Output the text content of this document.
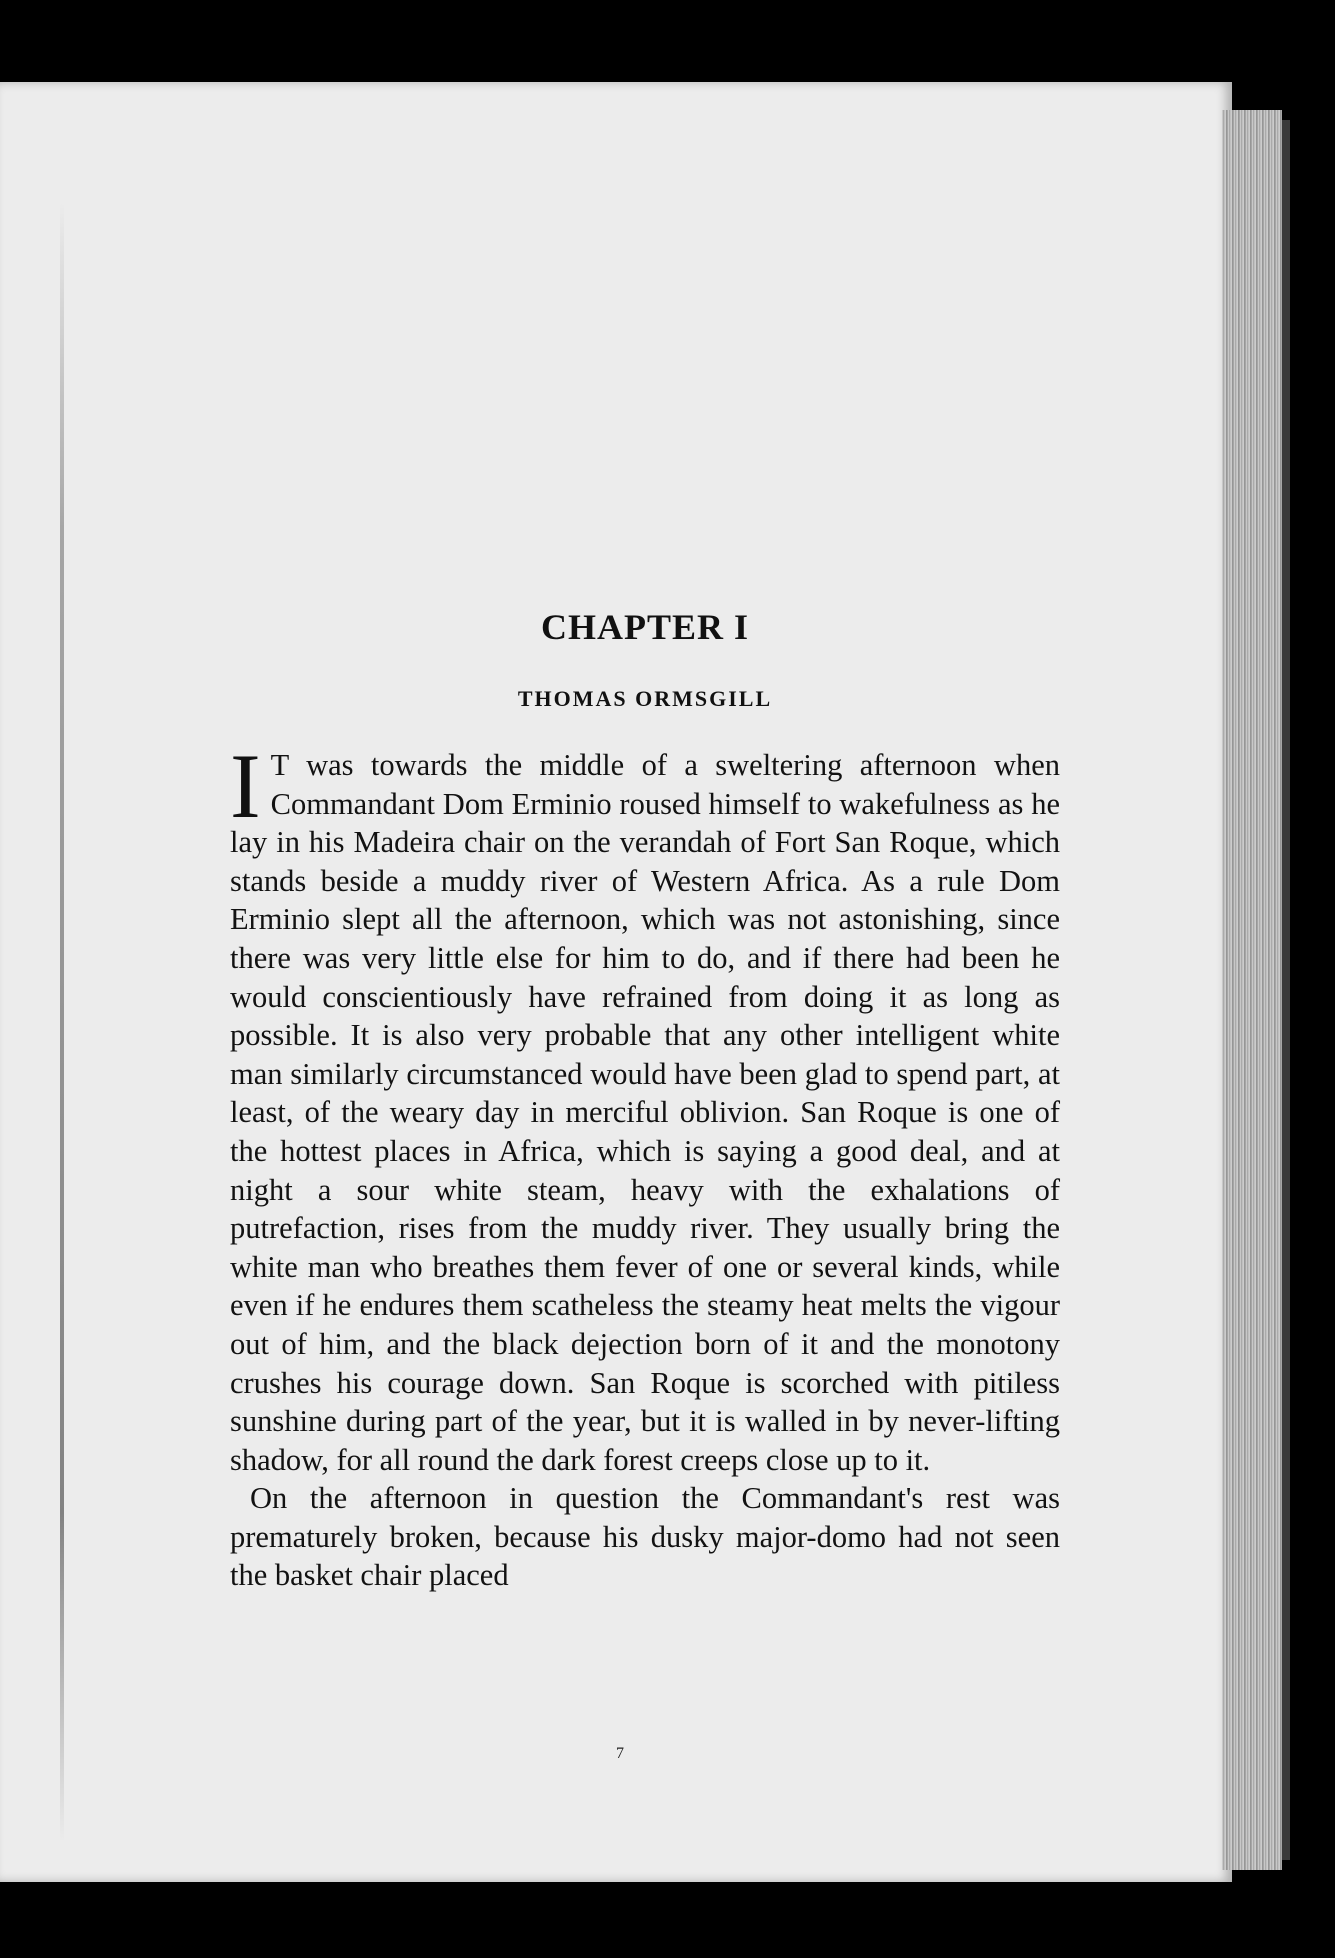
CHAPTER I
THOMAS ORMSGILL

I T was towards the middle of a sweltering afternoon when Commandant Dom Erminio roused himself to wakefulness as he lay in his Madeira chair on the verandah of Fort San Roque, which stands beside a muddy river of Western Africa. As a rule Dom Erminio slept all the afternoon, which was not astonishing, since there was very little else for him to do, and if there had been he would conscientiously have refrained from doing it as long as possible. It is also very probable that any other intelligent white man similarly circumstanced would have been glad to spend part, at least, of the weary day in merciful oblivion. San Roque is one of the hottest places in Africa, which is saying a good deal, and at night a sour white steam, heavy with the exhalations of putrefaction, rises from the muddy river. They usually bring the white man who breathes them fever of one or several kinds, while even if he endures them scatheless the steamy heat melts the vigour out of him, and the black dejection born of it and the monotony crushes his courage down. San Roque is scorched with pitiless sunshine during part of the year, but it is walled in by never-lifting shadow, for all round the dark forest creeps close up to it.

On the afternoon in question the Commandant's rest was prematurely broken, because his dusky major-domo had not seen the basket chair placed

7
